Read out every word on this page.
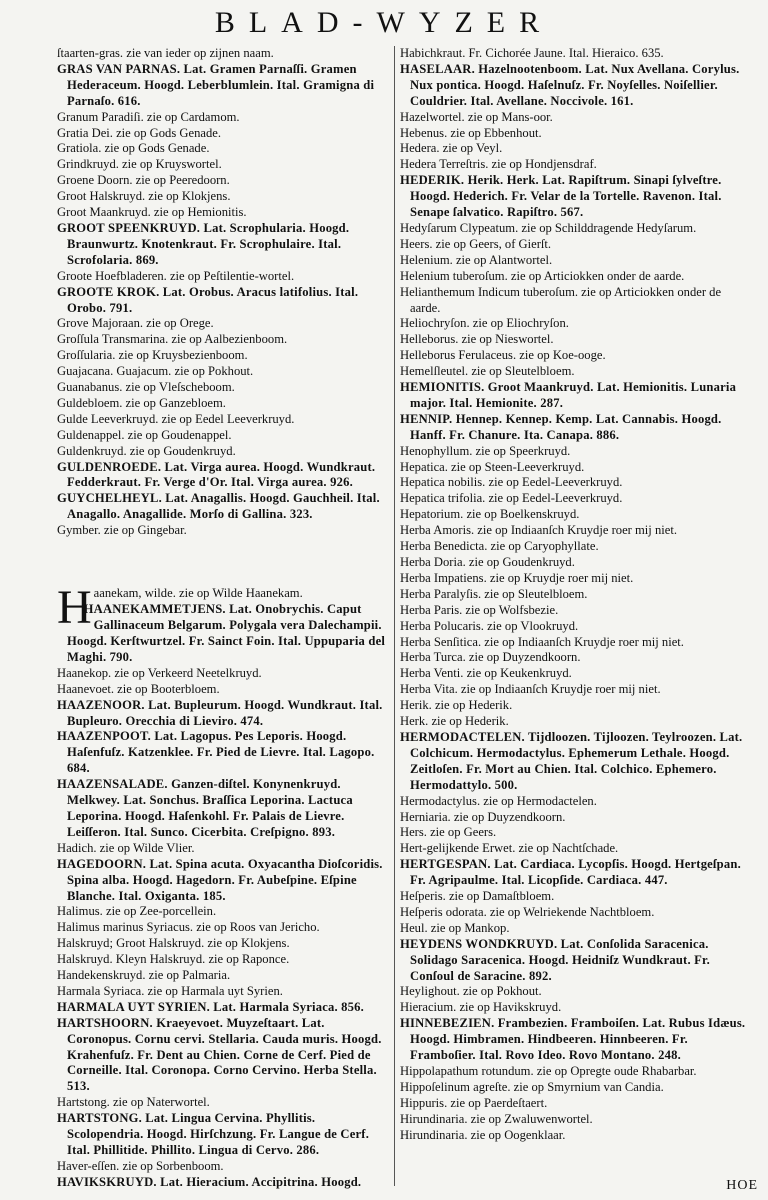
BLAD-WYZER

ſtaarten-gras. zie van ieder op zijnen naam.

GRAS VAN PARNAS. Lat. Gramen Parnaſſi. Gramen Hederaceum. Hoogd. Leberblumlein. Ital. Gramigna di Parnaſo. 616.

Granum Paradiſi. zie op Cardamom.

Gratia Dei. zie op Gods Genade.

Gratiola. zie op Gods Genade.

Grindkruyd. zie op Kruyswortel.

Groene Doorn. zie op Peeredoorn.

Groot Halskruyd. zie op Klokjens.

Groot Maankruyd. zie op Hemionitis.

GROOT SPEENKRUYD. Lat. Scrophularia. Hoogd. Braunwurtz. Knotenkraut. Fr. Scrophulaire. Ital. Scrofolaria. 869.

Groote Hoefbladeren. zie op Peſtilentie-wortel.

GROOTE KROK. Lat. Orobus. Aracus latifolius. Ital. Orobo. 791.

Grove Majoraan. zie op Orege.

Groſſula Transmarina. zie op Aalbezienboom.

Groſſularia. zie op Kruysbezienboom.

Guajacana. Guajacum. zie op Pokhout.

Guanabanus. zie op Vleſscheboom.

Guldebloem. zie op Ganzebloem.

Gulde Leeverkruyd. zie op Eedel Leeverkruyd.

Guldenappel. zie op Goudenappel.

Guldenkruyd. zie op Goudenkruyd.

GULDENROEDE. Lat. Virga aurea. Hoogd. Wundkraut. Fedderkraut. Fr. Verge d'Or. Ital. Virga aurea. 926.

GUYCHELHEYL. Lat. Anagallis. Hoogd. Gauchheil. Ital. Anagallo. Anagallide. Morſo di Gallina. 323.

Gymber. zie op Gingebar.

Haanekam, wilde. zie op Wilde Haanekam.

HAANEKAMMETJENS. Lat. Onobrychis. Caput Gallinaceum Belgarum. Polygala vera Dalechampii. Hoogd. Kerſtwurtzel. Fr. Sainct Foin. Ital. Uppuparia del Maghi. 790.

Haanekop. zie op Verkeerd Neetelkruyd.

Haanevoet. zie op Booterbloem.

HAAZENOOR. Lat. Bupleurum. Hoogd. Wundkraut. Ital. Bupleuro. Orecchia di Lieviro. 474.

HAAZENPOOT. Lat. Lagopus. Pes Leporis. Hoogd. Haſenfuſz. Katzenklee. Fr. Pied de Lievre. Ital. Lagopo. 684.

HAAZENSALADE. Ganzen-diſtel. Konynenkruyd. Melkwey. Lat. Sonchus. Braſſica Leporina. Lactuca Leporina. Hoogd. Haſenkohl. Fr. Palais de Lievre. Leiſſeron. Ital. Sunco. Cicerbita. Creſpigno. 893.

Hadich. zie op Wilde Vlier.

HAGEDOORN. Lat. Spina acuta. Oxyacantha Dioſcoridis. Spina alba. Hoogd. Hagedorn. Fr. Aubeſpine. Eſpine Blanche. Ital. Oxiganta. 185.

Halimus. zie op Zee-porcellein.

Halimus marinus Syriacus. zie op Roos van Jericho.

Halskruyd; Groot Halskruyd. zie op Klokjens.

Halskruyd. Kleyn Halskruyd. zie op Raponce.

Handekenskruyd. zie op Palmaria.

Harmala Syriaca. zie op Harmala uyt Syrien.

HARMALA UYT SYRIEN. Lat. Harmala Syriaca. 856.

HARTSHOORN. Kraeyevoet. Muyzeſtaart. Lat. Coronopus. Cornu cervi. Stellaria. Cauda muris. Hoogd. Krahenfuſz. Fr. Dent au Chien. Corne de Cerf. Pied de Corneille. Ital. Coronopa. Corno Cervino. Herba Stella. 513.

Hartstong. zie op Naterwortel.

HARTSTONG. Lat. Lingua Cervina. Phyllitis. Scolopendria. Hoogd. Hirſchzung. Fr. Langue de Cerf. Ital. Phillitide. Phillito. Lingua di Cervo. 286.

Haver-eſſen. zie op Sorbenboom.

HAVIKSKRUYD. Lat. Hieracium. Accipitrina. Hoogd.

Habichkraut. Fr. Cichorée Jaune. Ital. Hieraico. 635.

HASELAAR. Hazelnootenboom. Lat. Nux Avellana. Corylus. Nux pontica. Hoogd. Haſelnuſz. Fr. Noyſelles. Noiſellier. Couldrier. Ital. Avellane. Noccivole. 161.

Hazelwortel. zie op Mans-oor.

Hebenus. zie op Ebbenhout.

Hedera. zie op Veyl.

Hedera Terreſtris. zie op Hondjensdraf.

HEDERIK. Herik. Herk. Lat. Rapiſtrum. Sinapi ſylveſtre. Hoogd. Hederich. Fr. Velar de la Tortelle. Ravenon. Ital. Senape ſalvatico. Rapiſtro. 567.

Hedyſarum Clypeatum. zie op Schilddragende Hedyſarum.

Heers. zie op Geers, of Gierſt.

Helenium. zie op Alantwortel.

Helenium tuberoſum. zie op Articiokken onder de aarde.

Helianthemum Indicum tuberoſum. zie op Articiokken onder de aarde.

Heliochryſon. zie op Eliochryſon.

Helleborus. zie op Nieswortel.

Helleborus Ferulaceus. zie op Koe-ooge.

Hemelſleutel. zie op Sleutelbloem.

HEMIONITIS. Groot Maankruyd. Lat. Hemionitis. Lunaria major. Ital. Hemionite. 287.

HENNIP. Hennep. Kennep. Kemp. Lat. Cannabis. Hoogd. Hanff. Fr. Chanure. Ita. Canapa. 886.

Henophyllum. zie op Speerkruyd.

Hepatica. zie op Steen-Leeverkruyd.

Hepatica nobilis. zie op Eedel-Leeverkruyd.

Hepatica trifolia. zie op Eedel-Leeverkruyd.

Hepatorium. zie op Boelkenskruyd.

Herba Amoris. zie op Indiaanſch Kruydje roer mij niet.

Herba Benedicta. zie op Caryophyllate.

Herba Doria. zie op Goudenkruyd.

Herba Impatiens. zie op Kruydje roer mij niet.

Herba Paralyſis. zie op Sleutelbloem.

Herba Paris. zie op Wolfsbezie.

Herba Polucaris. zie op Vlookruyd.

Herba Senſitica. zie op Indiaanſch Kruydje roer mij niet.

Herba Turca. zie op Duyzendkoorn.

Herba Venti. zie op Keukenkruyd.

Herba Vita. zie op Indiaanſch Kruydje roer mij niet.

Herik. zie op Hederik.

Herk. zie op Hederik.

HERMODACTELEN. Tijdloozen. Tijloozen. Teylroozen. Lat. Colchicum. Hermodactylus. Ephemerum Lethale. Hoogd. Zeitloſen. Fr. Mort au Chien. Ital. Colchico. Ephemero. Hermodattylo. 500.

Hermodactylus. zie op Hermodactelen.

Herniaria. zie op Duyzendkoorn.

Hers. zie op Geers.

Hert-gelijkende Erwet. zie op Nachtſchade.

HERTGESPAN. Lat. Cardiaca. Lycopſis. Hoogd. Hertgeſpan. Fr. Agripaulme. Ital. Licopſide. Cardiaca. 447.

Heſperis. zie op Damaſtbloem.

Heſperis odorata. zie op Welriekende Nachtbloem.

Heul. zie op Mankop.

HEYDENS WONDKRUYD. Lat. Conſolida Saracenica. Solidago Saracenica. Hoogd. Heidniſz Wundkraut. Fr. Conſoul de Saracine. 892.

Heylighout. zie op Pokhout.

Hieracium. zie op Havikskruyd.

HINNEBEZIEN. Frambezien. Framboiſen. Lat. Rubus Idæus. Hoogd. Himbramen. Hindbeeren. Hinnbeeren. Fr. Framboſier. Ital. Rovo Ideo. Rovo Montano. 248.

Hippolapathum rotundum. zie op Opregte oude Rhabarbar.

Hippoſelinum agreſte. zie op Smyrnium van Candia.

Hippuris. zie op Paerdeſtaert.

Hirundinaria. zie op Zwaluwenwortel.

Hirundinaria. zie op Oogenklaar.

HOE
